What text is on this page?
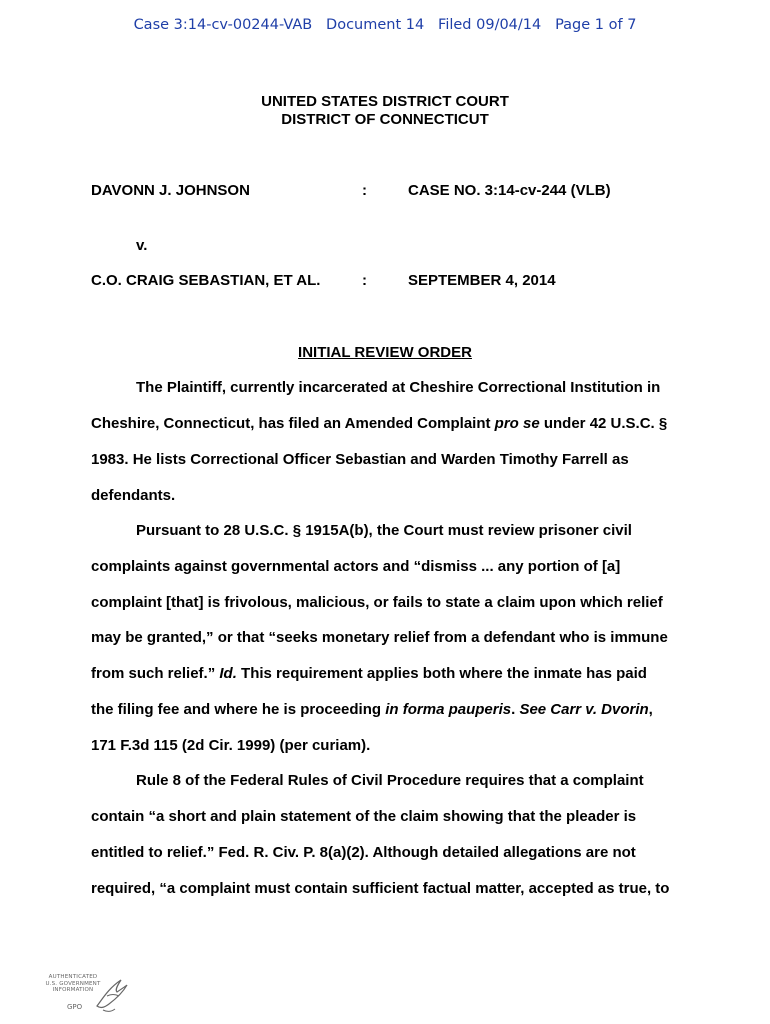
Case 3:14-cv-00244-VAB   Document 14   Filed 09/04/14   Page 1 of 7
UNITED STATES DISTRICT COURT
DISTRICT OF CONNECTICUT
DAVONN J. JOHNSON	:	CASE NO. 3:14-cv-244 (VLB)
v.
C.O. CRAIG SEBASTIAN, ET AL.	:	SEPTEMBER 4, 2014
INITIAL REVIEW ORDER
The Plaintiff, currently incarcerated at Cheshire Correctional Institution in
Cheshire, Connecticut, has filed an Amended Complaint pro se under 42 U.S.C. §
1983. He lists Correctional Officer Sebastian and Warden Timothy Farrell as
defendants.
Pursuant to 28 U.S.C. § 1915A(b), the Court must review prisoner civil
complaints against governmental actors and “dismiss ... any portion of [a]
complaint [that] is frivolous, malicious, or fails to state a claim upon which relief
may be granted,” or that “seeks monetary relief from a defendant who is immune
from such relief.” Id. This requirement applies both where the inmate has paid
the filing fee and where he is proceeding in forma pauperis. See Carr v. Dvorin,
171 F.3d 115 (2d Cir. 1999) (per curiam).
Rule 8 of the Federal Rules of Civil Procedure requires that a complaint
contain “a short and plain statement of the claim showing that the pleader is
entitled to relief.” Fed. R. Civ. P. 8(a)(2). Although detailed allegations are not
required, “a complaint must contain sufficient factual matter, accepted as true, to
AUTHENTICATED
U.S. GOVERNMENT
INFORMATION
GPO
